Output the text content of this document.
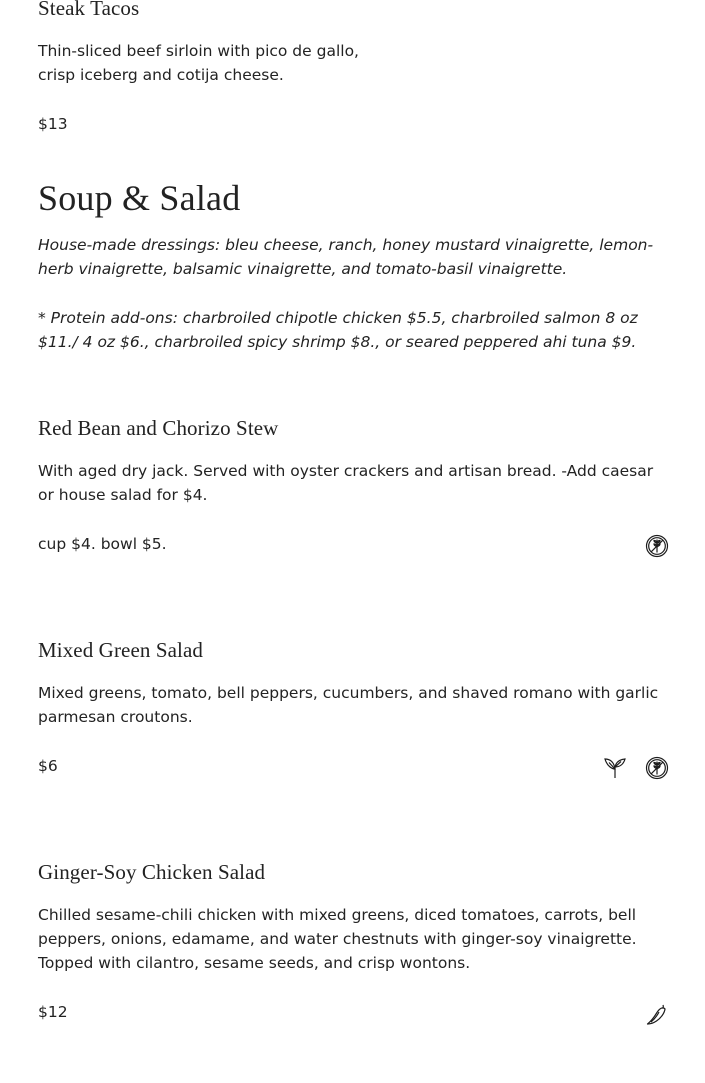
Steak Tacos

Thin-sliced beef sirloin with pico de gallo, crisp iceberg and cotija cheese.

$13

Soup & Salad

House-made dressings: bleu cheese, ranch, honey mustard vinaigrette, lemon-herb vinaigrette, balsamic vinaigrette, and tomato-basil vinaigrette.

* Protein add-ons: charbroiled chipotle chicken $5.5, charbroiled salmon 8 oz $11./ 4 oz $6., charbroiled spicy shrimp $8., or seared peppered ahi tuna $9.

Red Bean and Chorizo Stew

With aged dry jack. Served with oyster crackers and artisan bread. -Add caesar or house salad for $4.

cup $4. bowl $5.

Mixed Green Salad

Mixed greens, tomato, bell peppers, cucumbers, and shaved romano with garlic parmesan croutons.

$6

Ginger-Soy Chicken Salad

Chilled sesame-chili chicken with mixed greens, diced tomatoes, carrots, bell peppers, onions, edamame, and water chestnuts with ginger-soy vinaigrette. Topped with cilantro, sesame seeds, and crisp wontons.

$12
